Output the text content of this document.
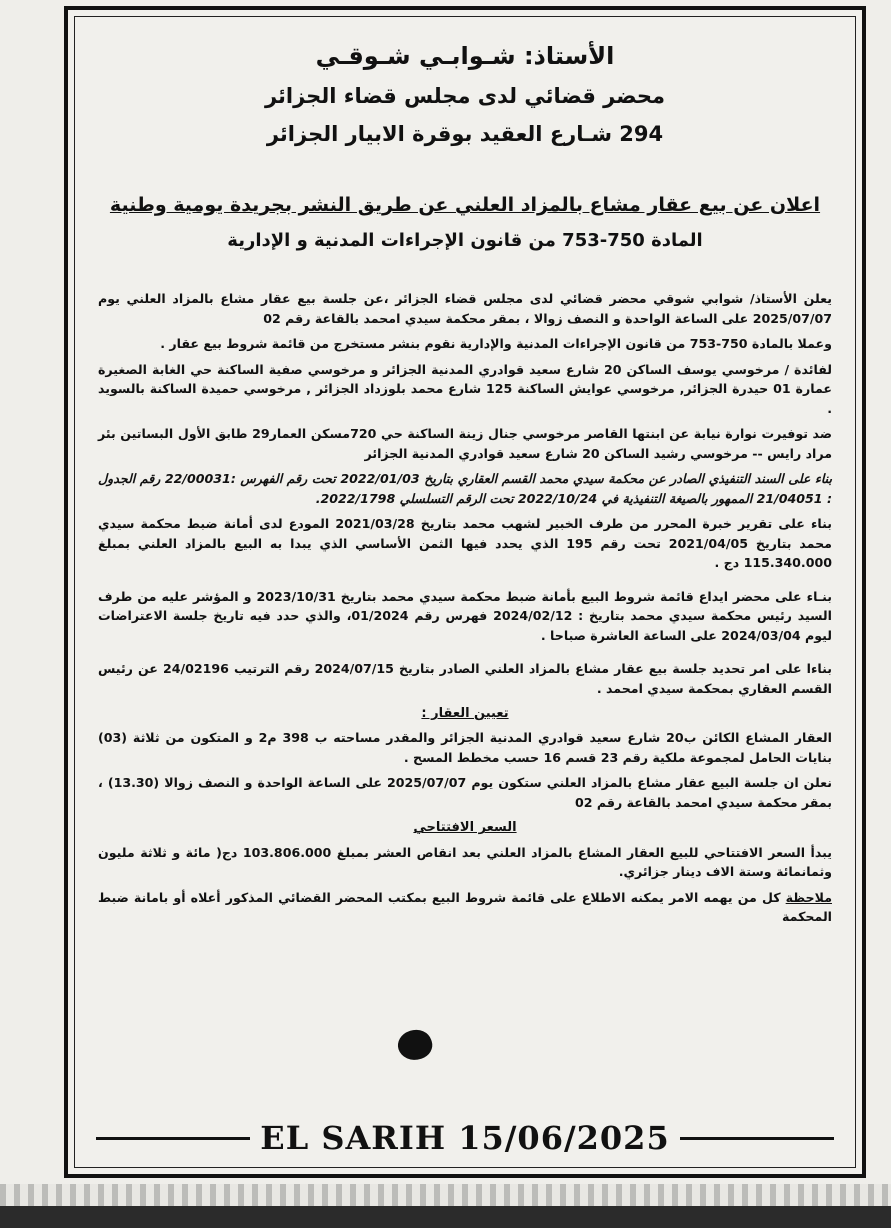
الأستاذ: شـوابـي شـوقـي

محضر قضائي لدى مجلس قضاء الجزائر

294 شـارع العقيد بوقرة الابيار الجزائر

اعلان عن بيع عقار مشاع بالمزاد العلني عن طريق النشر بجريدة يومية وطنية
المادة 750-753 من قانون الإجراءات المدنية و الإدارية

يعلن الأستاذ/ شوابي شوقي محضر قضائي لدى مجلس قضاء الجزائر ،عن جلسة بيع عقار مشاع بالمزاد العلني يوم 2025/07/07 على الساعة الواحدة و النصف زوالا ، بمقر محكمة سيدي امحمد بالقاعة رقم 02

وعملا بالمادة 750-753 من قانون الإجراءات المدنية والإدارية نقوم بنشر مستخرج من قائمة شروط بيع عقار .

لفائدة / مرخوسي يوسف الساكن 20 شارع سعيد قوادري المدنية الجزائر و مرخوسي صفية الساكنة حي الغابة الصغيرة عمارة 01 حيدرة الجزائر, مرخوسي عوايش الساكنة 125 شارع محمد بلوزداد الجزائر , مرخوسي حميدة الساكنة بالسويد .

ضد توفيرت نوارة نيابة عن ابنتها القاصر مرخوسي جنال زينة الساكنة حي 720مسكن العمار29 طابق الأول البساتين بئر مراد رايس -- مرخوسي رشيد الساكن 20 شارع سعيد قوادري المدنية الجزائر

بناء على السند التنفيذي الصادر عن محكمة سيدي محمد القسم العقاري بتاريخ 2022/01/03 تحت رقم الفهرس :22/00031 رقم الجدول : 21/04051 الممهور بالصيغة التنفيذية في 2022/10/24 تحت الرقم التسلسلي 2022/1798.

بناء على تقرير خبرة المحرر من طرف الخبير لشهب محمد بتاريخ 2021/03/28 المودع لدى أمانة ضبط محكمة سيدي محمد بتاريخ 2021/04/05 تحت رقم 195 الذي يحدد فيها الثمن الأساسي الذي يبدا به البيع بالمزاد العلني بمبلغ 115.340.000 دج .

بنـاء على محضر ايداع قائمة شروط البيع بأمانة ضبط محكمة سيدي محمد بتاريخ 2023/10/31 و المؤشر عليه من طرف السيد رئيس محكمة سيدي محمد بتاريخ : 2024/02/12 فهرس رقم 01/2024، والذي حدد فيه تاريخ جلسة الاعتراضات ليوم 2024/03/04 على الساعة العاشرة صباحا .

بناءا على امر تحديد جلسة بيع عقار مشاع بالمزاد العلني الصادر بتاريخ 2024/07/15 رقم الترتيب 24/02196 عن رئيس القسم العقاري بمحكمة سيدي امحمد .

تعيين العقار :

العقار المشاع الكائن ب20 شارع سعيد قوادري المدنية الجزائر والمقدر مساحته ب 398 م2 و المتكون من ثلاثة (03) بنايات الحامل لمجموعة ملكية رقم 23 قسم 16 حسب مخطط المسح .

نعلن ان جلسة البيع عقار مشاع بالمزاد العلني ستكون يوم 2025/07/07 على الساعة الواحدة و النصف زوالا (13.30) ، بمقر محكمة سيدي امحمد بالقاعة رقم 02

السعر الافتتاحي

يبدأ السعر الافتتاحي للبيع العقار المشاع بالمزاد العلني بعد انقاص العشر بمبلغ 103.806.000 دج( مائة و ثلاثة مليون وثمانمائة وستة الاف دينار جزائري.

ملاحظة كل من يهمه الامر يمكنه الاطلاع على قائمة شروط البيع بمكتب المحضر القضائي المذكور أعلاه أو بامانة ضبط المحكمة

EL SARIH 15/06/2025
